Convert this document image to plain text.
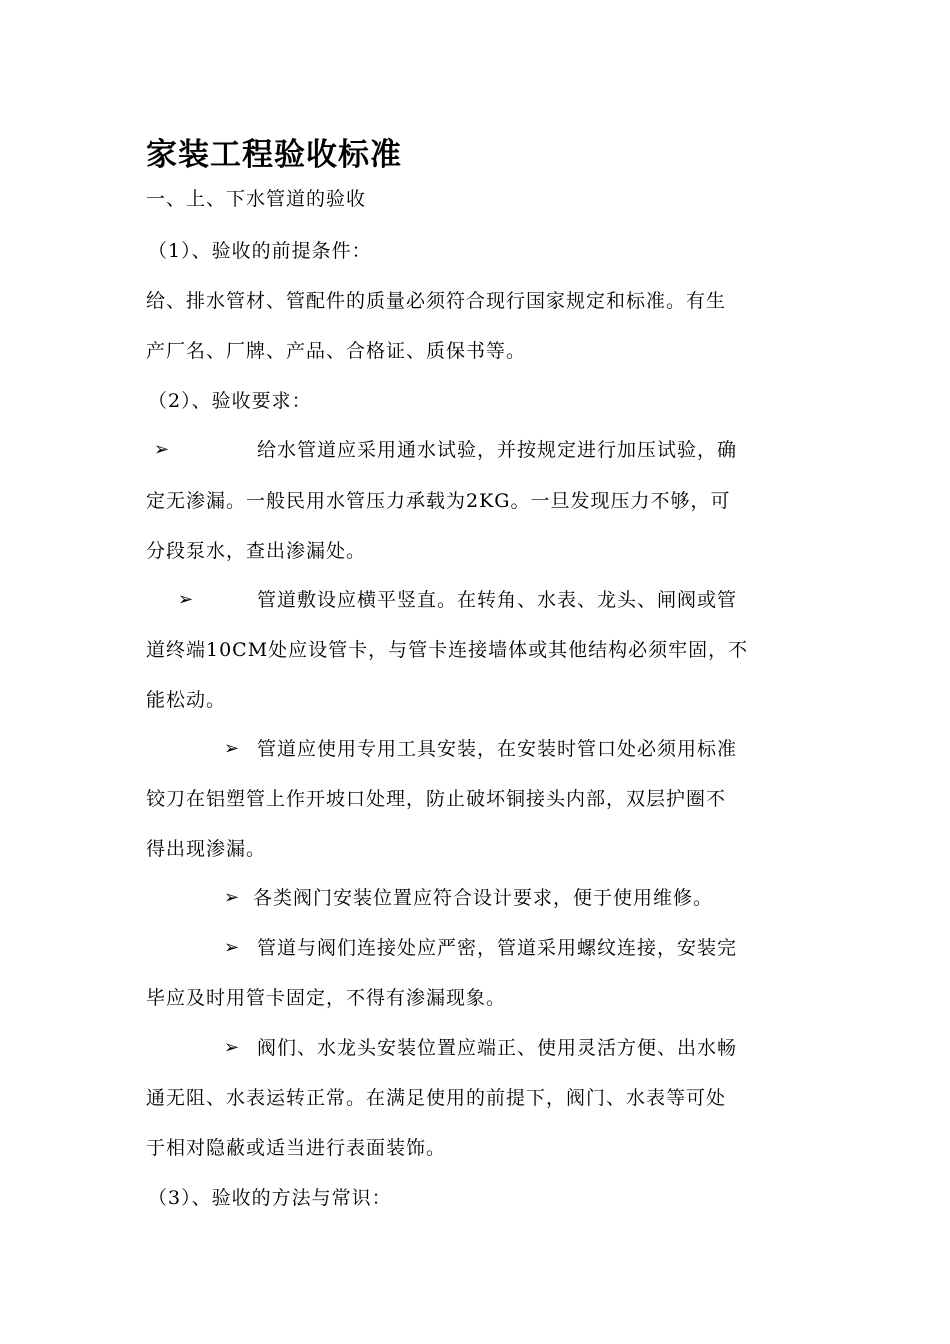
家装工程验收标准
一、上、下水管道的验收
（1）、验收的前提条件：
给、排水管材、管配件的质量必须符合现行国家规定和标准。有生
产厂名、厂牌、产品、合格证、质保书等。
（2）、验收要求：
➢	给水管道应采用通水试验，并按规定进行加压试验，确
定无渗漏。一般民用水管压力承载为2KG。一旦发现压力不够，可
分段泵水，查出渗漏处。
➢	管道敷设应横平竖直。在转角、水表、龙头、闸阀或管
道终端10CM处应设管卡，与管卡连接墙体或其他结构必须牢固，不
能松动。
➢ 管道应使用专用工具安装，在安装时管口处必须用标准
铰刀在铝塑管上作开坡口处理，防止破坏铜接头内部，双层护圈不
得出现渗漏。
➢ 各类阀门安装位置应符合设计要求，便于使用维修。
➢ 管道与阀们连接处应严密，管道采用螺纹连接，安装完
毕应及时用管卡固定，不得有渗漏现象。
➢ 阀们、水龙头安装位置应端正、使用灵活方便、出水畅
通无阻、水表运转正常。在满足使用的前提下，阀门、水表等可处
于相对隐蔽或适当进行表面装饰。
（3）、验收的方法与常识：
